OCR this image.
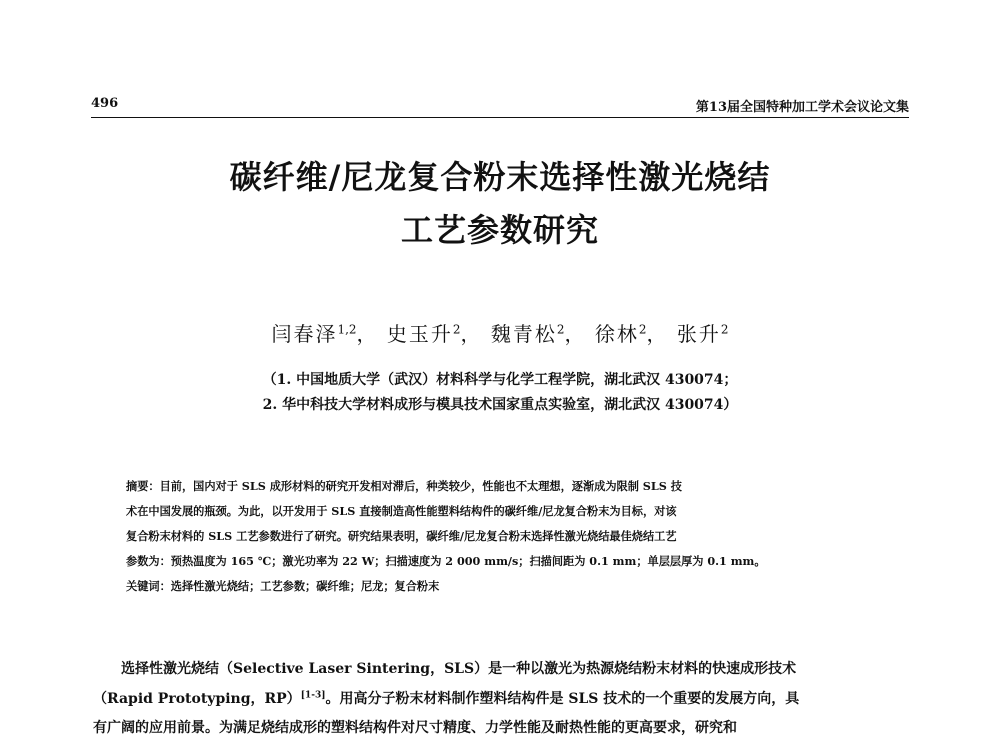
496	第13届全国特种加工学术会议论文集
碳纤维/尼龙复合粉末选择性激光烧结
工艺参数研究
闫春泽$^{1,2}$， 史玉升$^2$， 魏青松$^2$， 徐林$^2$， 张升$^2$
（1. 中国地质大学（武汉）材料科学与化学工程学院，湖北武汉 430074；
2. 华中科技大学材料成形与模具技术国家重点实验室，湖北武汉 430074）
摘要：目前，国内对于 SLS 成形材料的研究开发相对滞后，种类较少，性能也不太理想，逐渐成为限制 SLS 技
术在中国发展的瓶颈。为此，以开发用于 SLS 直接制造高性能塑料结构件的碳纤维/尼龙复合粉末为目标，对该
复合粉末材料的 SLS 工艺参数进行了研究。研究结果表明，碳纤维/尼龙复合粉末选择性激光烧结最佳烧结工艺
参数为：预热温度为 165 ℃；激光功率为 22 W；扫描速度为 2 000 mm/s；扫描间距为 0.1 mm；单层层厚为 0.1 mm。
关键词：选择性激光烧结；工艺参数；碳纤维；尼龙；复合粉末
选择性激光烧结（Selective Laser Sintering，SLS）是一种以激光为热源烧结粉末材料的快速成形技术
（Rapid Prototyping，RP）[1-3]。用高分子粉末材料制作塑料结构件是 SLS 技术的一个重要的发展方向，具
有广阔的应用前景。为满足烧结成形的塑料结构件对尺寸精度、力学性能及耐热性能的更高要求，研究和
